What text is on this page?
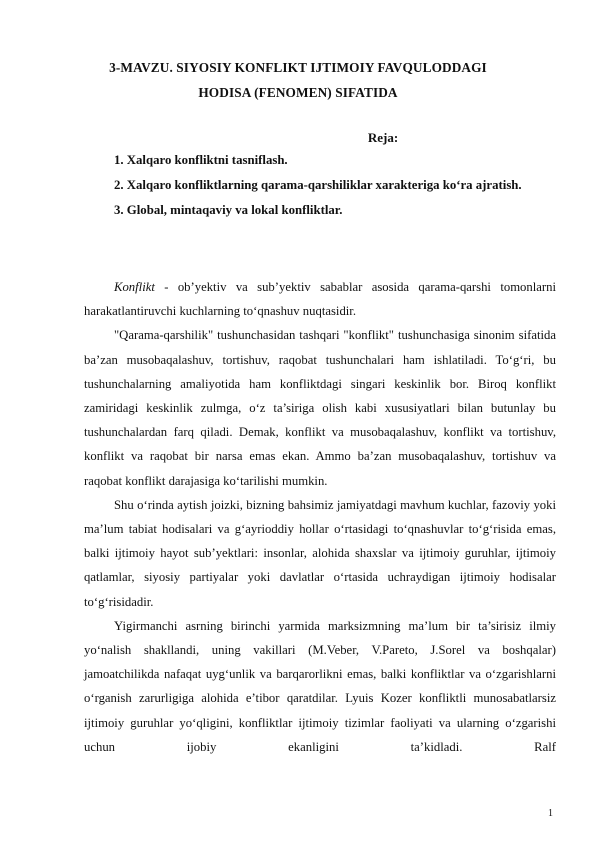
3-MAVZU. SIYOSIY KONFLIKT IJTIMOIY FAVQULODDAGI
HODISA (FENOMEN) SIFATIDA
Reja:
1. Xalqaro konfliktni tasniflash.
2. Xalqaro konfliktlarning qarama-qarshiliklar xarakteriga ko‘ra ajratish.
3. Global, mintaqaviy va lokal konfliktlar.

Konflikt - ob’yektiv va sub’yektiv sabablar asosida qarama-qarshi tomonlarni harakatlantiruvchi kuchlarning to‘qnashuv nuqtasidir.

"Qarama-qarshilik" tushunchasidan tashqari "konflikt" tushunchasiga sinonim sifatida ba’zan musobaqalashuv, tortishuv, raqobat tushunchalari ham ishlatiladi. To‘g‘ri, bu tushunchalarning amaliyotida ham konfliktdagi singari keskinlik bor. Biroq konflikt zamiridagi keskinlik zulmga, o‘z ta’siriga olish kabi xususiyatlari bilan butunlay bu tushunchalardan farq qiladi. Demak, konflikt va musobaqalashuv, konflikt va tortishuv, konflikt va raqobat bir narsa emas ekan. Ammo ba’zan musobaqalashuv, tortishuv va raqobat konflikt darajasiga ko‘tarilishi mumkin.

Shu o‘rinda aytish joizki, bizning bahsimiz jamiyatdagi mavhum kuchlar, fazoviy yoki ma’lum tabiat hodisalari va g‘ayrioddiy hollar o‘rtasidagi to‘qnashuvlar to‘g‘risida emas, balki ijtimoiy hayot sub’yektlari: insonlar, alohida shaxslar va ijtimoiy guruhlar, ijtimoiy qatlamlar, siyosiy partiyalar yoki davlatlar o‘rtasida uchraydigan ijtimoiy hodisalar to‘g‘risidadir.

Yigirmanchi asrning birinchi yarmida marksizmning ma’lum bir ta’sirisiz ilmiy yo‘nalish shakllandi, uning vakillari (M.Veber, V.Pareto, J.Sorel va boshqalar) jamoatchilikda nafaqat uyg‘unlik va barqarorlikni emas, balki konfliktlar va o‘zgarishlarni o‘rganish zarurligiga alohida e’tibor qaratdilar. Lyuis Kozer konfliktli munosabatlarsiz ijtimoiy guruhlar yo‘qligini, konfliktlar ijtimoiy tizimlar faoliyati va ularning o‘zgarishi uchun ijobiy ekanligini ta’kidladi. Ralf

1
